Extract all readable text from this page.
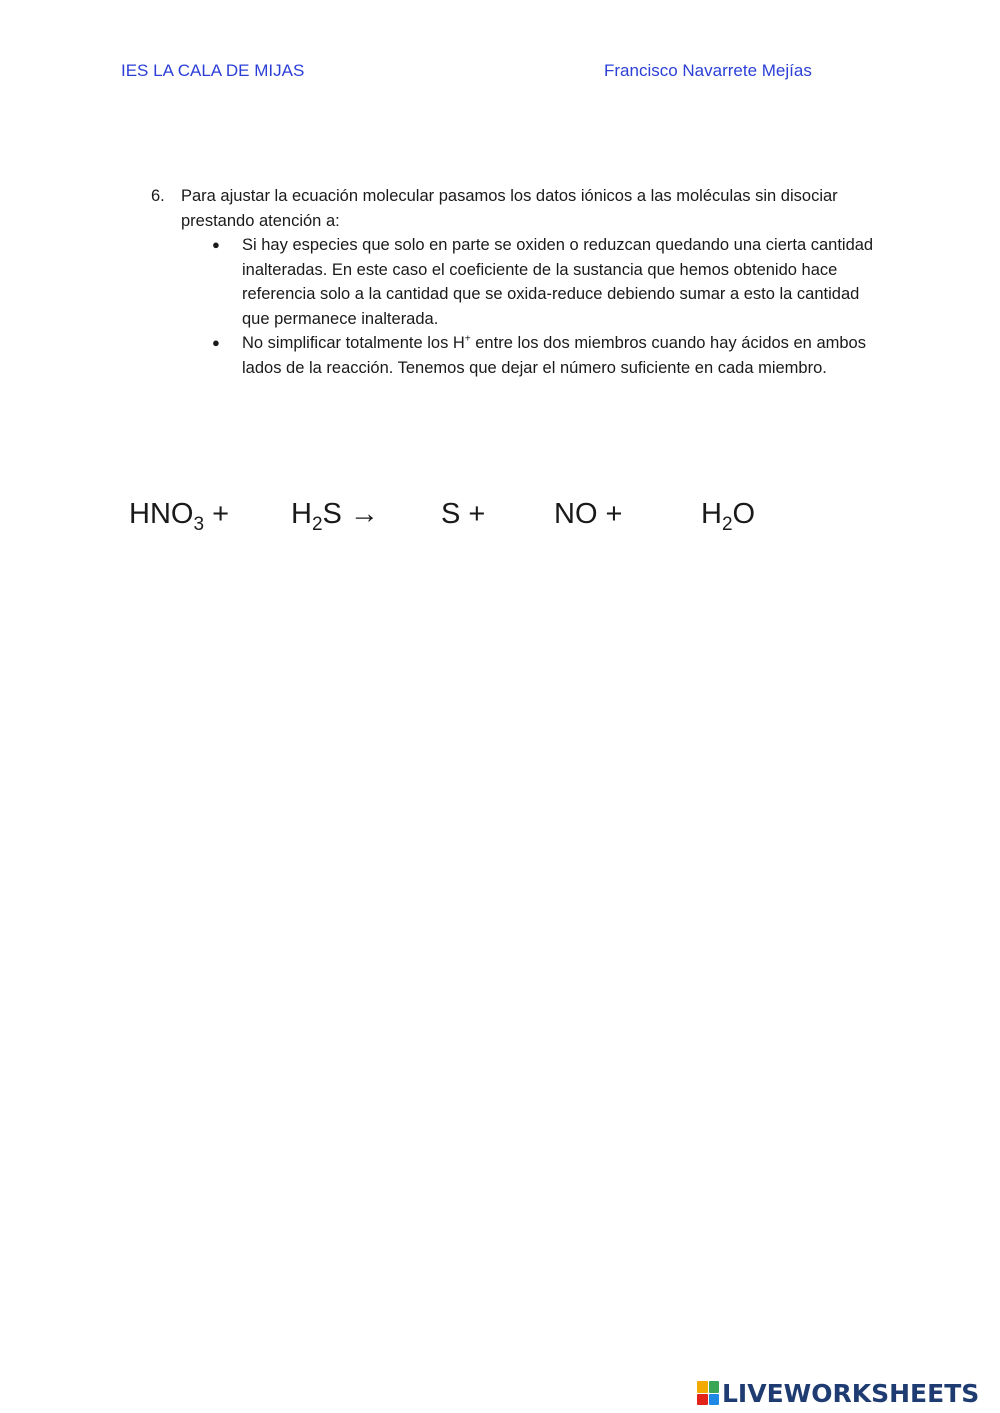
IES LA CALA DE MIJAS	Francisco Navarrete Mejías
6. Para ajustar la ecuación molecular pasamos los datos iónicos a las moléculas sin disociar prestando atención a:
●	Si hay especies que solo en parte se oxiden o reduzcan quedando una cierta cantidad inalteradas. En este caso el coeficiente de la sustancia que hemos obtenido hace referencia solo a la cantidad que se oxida-reduce debiendo sumar a esto la cantidad que permanece inalterada.
●	No simplificar totalmente los H+ entre los dos miembros cuando hay ácidos en ambos lados de la reacción. Tenemos que dejar el número suficiente en cada miembro.
$HNO_3 + H_2S \to S$ + NO +	$H_2O$
LIVEWORKSHEETS
